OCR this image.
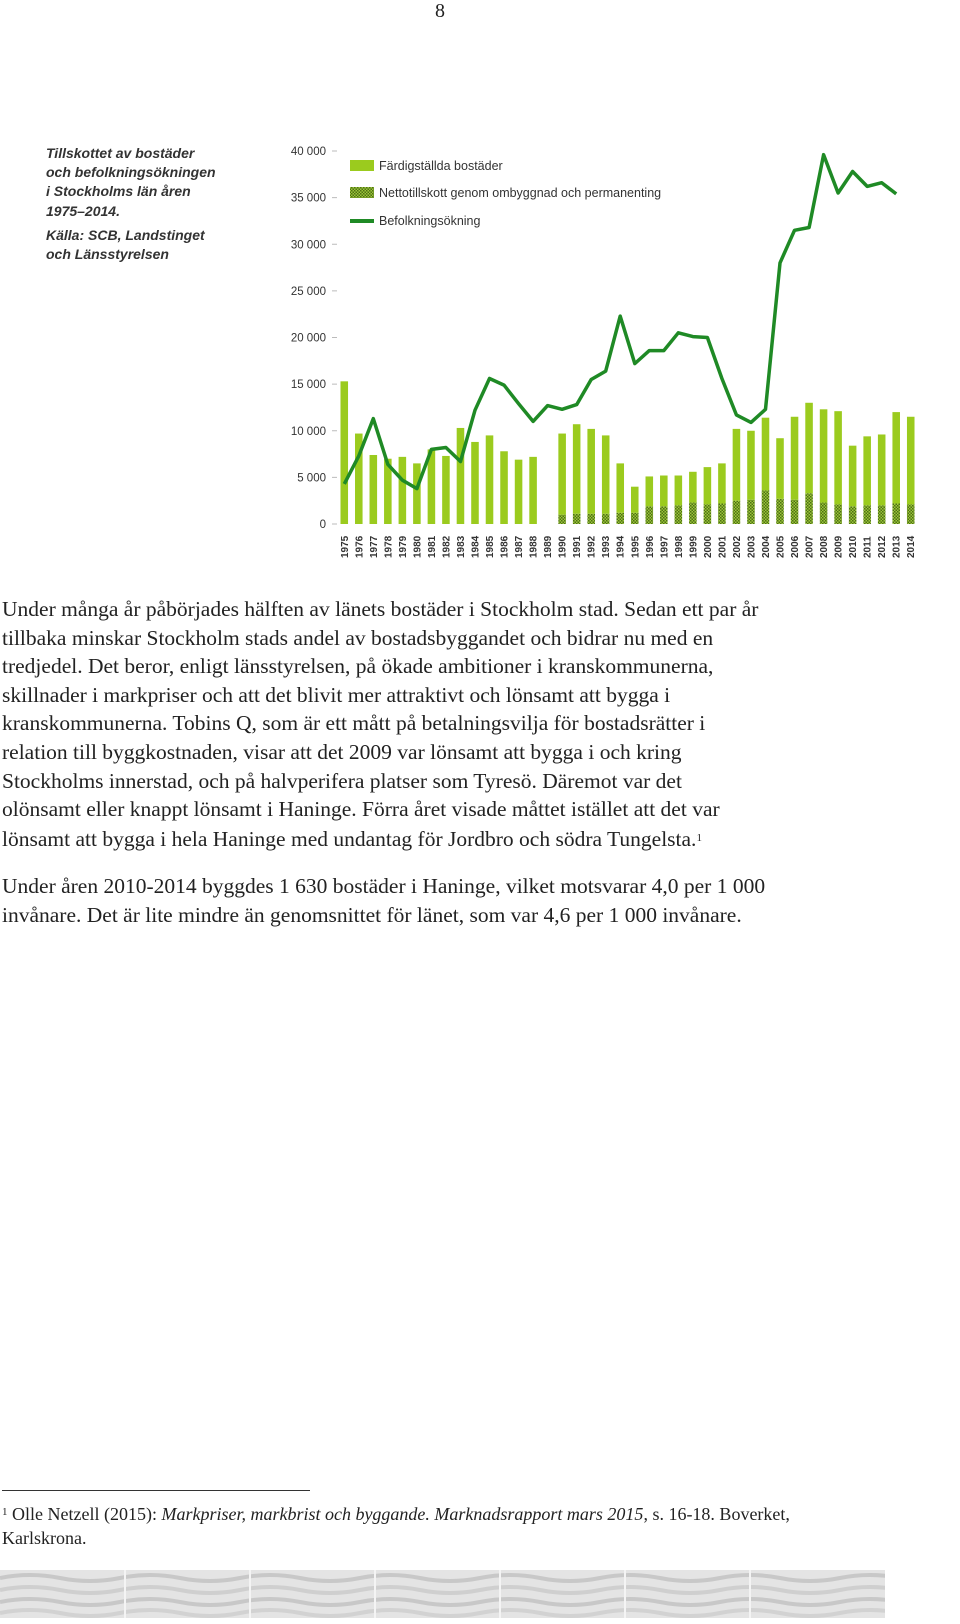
8
Tillskottet av bostäder
och befolkningsökningen
i Stockholms län åren
1975–2014.
Källa: SCB, Landstinget
och Länsstyrelsen
0
5 000
10 000
15 000
20 000
25 000
30 000
35 000
40 000
1975 1976 1977 1978 1979 1980 1981 1982 1983 1984 1985 1986 1987 1988 1989 1990 1991 1992 1993 1994 1995 1996 1997 1998 1999 2000 2001 2002 2003 2004 2005 2006 2007 2008 2009 2010 2011 2012 2013 2014
Färdigställda bostäder
Nettotillskott genom ombyggnad och permanenting
Befolkningsökning

Under många år påbörjades hälften av länets bostäder i Stockholm stad. Sedan ett par år

tillbaka minskar Stockholm stads andel av bostadsbyggandet och bidrar nu med en

tredjedel. Det beror, enligt länsstyrelsen, på ökade ambitioner i kranskommunerna,

skillnader i markpriser och att det blivit mer attraktivt och lönsamt att bygga i

kranskommunerna. Tobins Q, som är ett mått på betalningsvilja för bostadsrätter i

relation till byggkostnaden, visar att det 2009 var lönsamt att bygga i och kring

Stockholms innerstad, och på halvperifera platser som Tyresö. Däremot var det

olönsamt eller knappt lönsamt i Haninge. Förra året visade måttet istället att det var

lönsamt att bygga i hela Haninge med undantag för Jordbro och södra Tungelsta.$^1$

Under åren 2010-2014 byggdes 1 630 bostäder i Haninge, vilket motsvarar 4,0 per 1 000

invånare. Det är lite mindre än genomsnittet för länet, som var 4,6 per 1 000 invånare.

$^1$ Olle Netzell (2015): Markpriser, markbrist och byggande. Marknadsrapport mars 2015, s. 16-18. Boverket,
Karlskrona.
